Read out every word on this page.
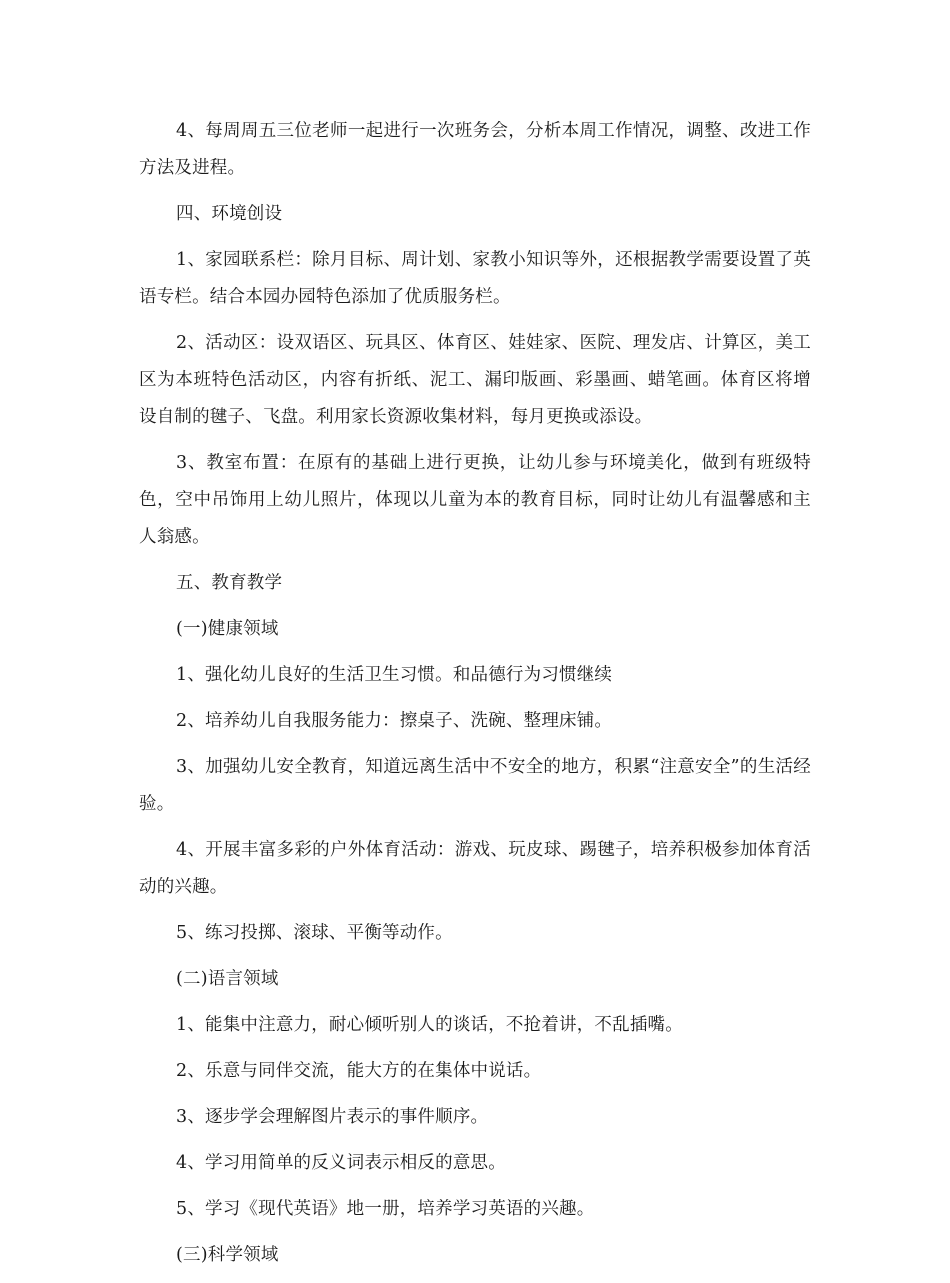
4、每周周五三位老师一起进行一次班务会，分析本周工作情况，调整、改进工作方法及进程。

四、环境创设

1、家园联系栏：除月目标、周计划、家教小知识等外，还根据教学需要设置了英语专栏。结合本园办园特色添加了优质服务栏。

2、活动区：设双语区、玩具区、体育区、娃娃家、医院、理发店、计算区，美工区为本班特色活动区，内容有折纸、泥工、漏印版画、彩墨画、蜡笔画。体育区将增设自制的毽子、飞盘。利用家长资源收集材料，每月更换或添设。

3、教室布置：在原有的基础上进行更换，让幼儿参与环境美化，做到有班级特色，空中吊饰用上幼儿照片，体现以儿童为本的教育目标，同时让幼儿有温馨感和主人翁感。

五、教育教学

(一)健康领域

1、强化幼儿良好的生活卫生习惯。和品德行为习惯继续

2、培养幼儿自我服务能力：擦桌子、洗碗、整理床铺。

3、加强幼儿安全教育，知道远离生活中不安全的地方，积累“注意安全”的生活经验。

4、开展丰富多彩的户外体育活动：游戏、玩皮球、踢毽子，培养积极参加体育活动的兴趣。

5、练习投掷、滚球、平衡等动作。

(二)语言领域

1、能集中注意力，耐心倾听别人的谈话，不抢着讲，不乱插嘴。

2、乐意与同伴交流，能大方的在集体中说话。

3、逐步学会理解图片表示的事件顺序。

4、学习用简单的反义词表示相反的意思。

5、学习《现代英语》地一册，培养学习英语的兴趣。

(三)科学领域
